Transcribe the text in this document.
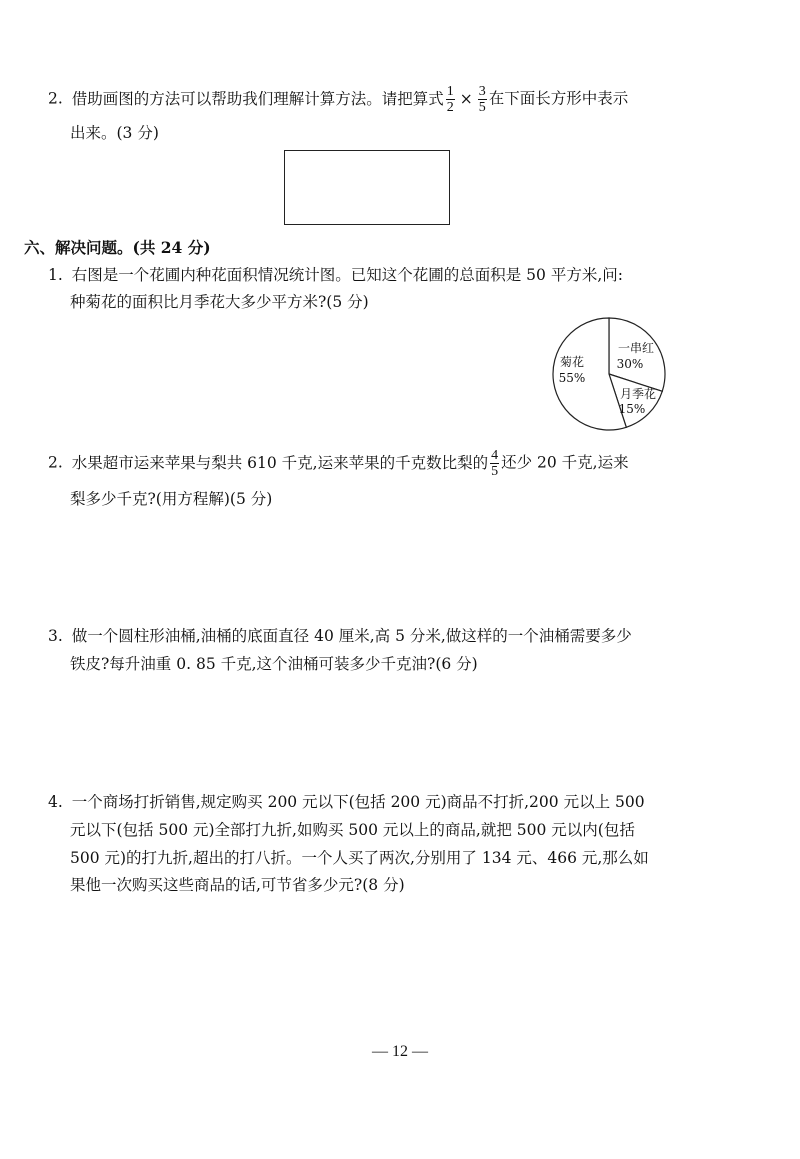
2. 借助画图的方法可以帮助我们理解计算方法。请把算式 $\frac{1}{2} \times \frac{3}{5}$ 在下面长方形中表示
出来。(3 分)
六、解决问题。(共 24 分)
1. 右图是一个花圃内种花面积情况统计图。已知这个花圃的总面积是 50 平方米,问:
种菊花的面积比月季花大多少平方米?(5 分)
一串红
30%
月季花
15%
菊花
55%
2. 水果超市运来苹果与梨共 610 千克,运来苹果的千克数比梨的 $\frac{4}{5}$ 还少 20 千克,运来
梨多少千克?(用方程解)(5 分)
3. 做一个圆柱形油桶,油桶的底面直径 40 厘米,高 5 分米,做这样的一个油桶需要多少
铁皮?每升油重 0. 85 千克,这个油桶可装多少千克油?(6 分)
4. 一个商场打折销售,规定购买 200 元以下(包括 200 元)商品不打折,200 元以上 500
元以下(包括 500 元)全部打九折,如购买 500 元以上的商品,就把 500 元以内(包括
500 元)的打九折,超出的打八折。一个人买了两次,分别用了 134 元、466 元,那么如
果他一次购买这些商品的话,可节省多少元?(8 分)
— 12 —
